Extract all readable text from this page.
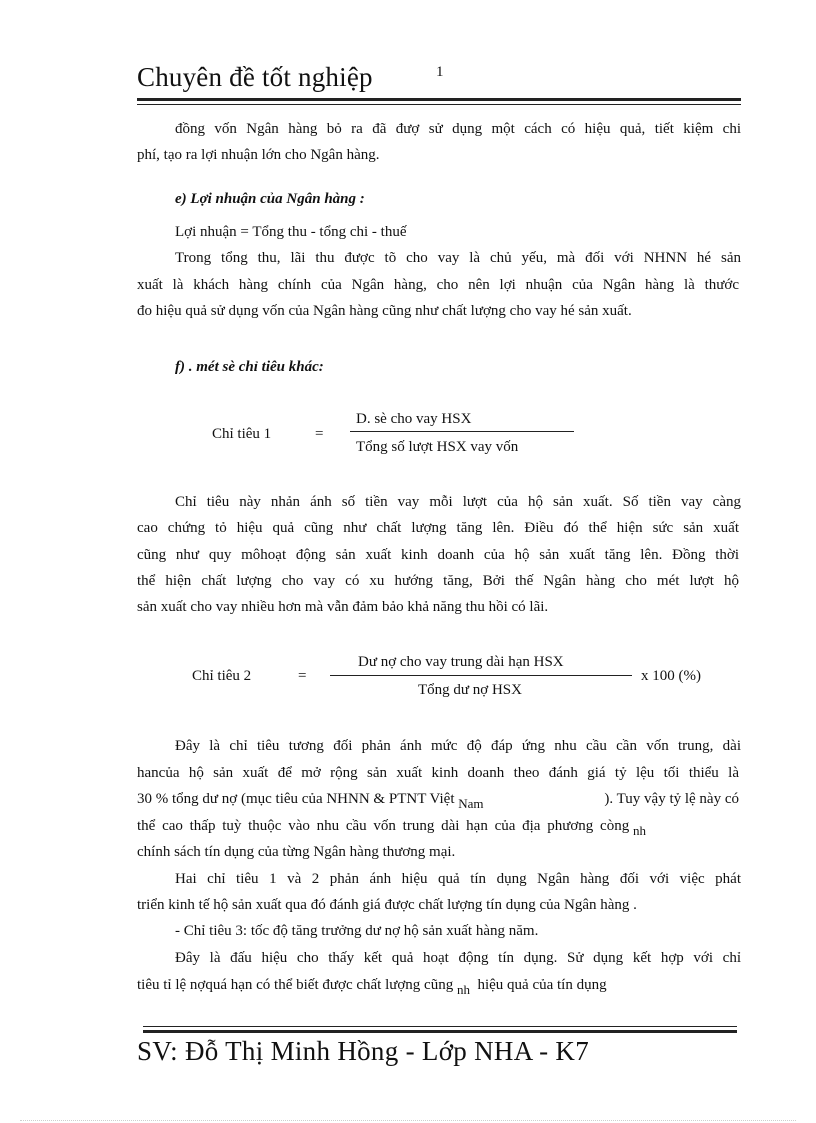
Chuyên đề tốt nghiệp	1
đồng vốn Ngân hàng bỏ ra đã đượ sử dụng một cách có hiệu quả, tiết kiệm chi
phí, tạo ra lợi nhuận lớn cho Ngân hàng.
e) Lợi nhuận của Ngân hàng :
Lợi nhuận = Tổng thu - tổng chi - thuế
Trong tổng thu, lãi thu được tõ cho vay là chủ yếu, mà đối với NHNN hé sản
xuất là khách hàng chính của Ngân hàng, cho nên lợi nhuận của Ngân hàng là thước
đo hiệu quả sử dụng vốn của Ngân hàng cũng như chất lượng cho vay hé sản xuất.
f) . mét sè chỉ tiêu khác:
Chỉ tiêu 1	=
D. sè cho vay HSX
Tổng số lượt HSX vay vốn
Chỉ tiêu này nhản ánh số tiền vay mỗi lượt của hộ sản xuất. Số tiền vay càng
cao chứng tỏ hiệu quả cũng như chất lượng tăng lên. Điều đó thể hiện sức sản xuất
cũng như quy môhoạt động sản xuất kinh doanh của hộ sản xuất tăng lên. Đồng thời
thể hiện chất lượng cho vay có xu hướng tăng, Bởi thế Ngân hàng cho mét lượt hộ
sản xuất cho vay nhiều hơn mà vẫn đảm bảo khả năng thu hồi có lãi.
Chỉ tiêu 2	=
Dư nợ cho vay trung dài hạn HSX
Tổng dư nợ HSX
x 100 (%)
Đây là chỉ tiêu tương đối phản ánh mức độ đáp ứng nhu cầu cần vốn trung, dài
hancủa hộ sản xuất để mở rộng sản xuất kinh doanh theo đánh giá tỷ lệu tối thiểu là
30 % tổng dư nợ (mục tiêu của NHNN & PTNT Việt Nam	). Tuy vậy tỷ lệ này có
thể cao thấp tuỳ thuộc vào nhu cầu vốn trung dài hạn của địa phương còng nh
chính sách tín dụng của từng Ngân hàng thương mại.
Hai chỉ tiêu 1 và 2 phản ánh hiệu quả tín dụng Ngân hàng đối với việc phát
triển kinh tế hộ sản xuất qua đó đánh giá được chất lượng tín dụng của Ngân hàng .
- Chỉ tiêu 3: tốc độ tăng trưởng dư nợ hộ sản xuất hàng năm.
Đây là đấu hiệu cho thấy kết quả hoạt động tín dụng. Sử dụng kết hợp với chỉ
tiêu tỉ lệ nợquá hạn có thể biết được chất lượng cũng nh hiệu quả của tín dụng
SV: Đỗ Thị Minh Hồng - Lớp NHA - K7
